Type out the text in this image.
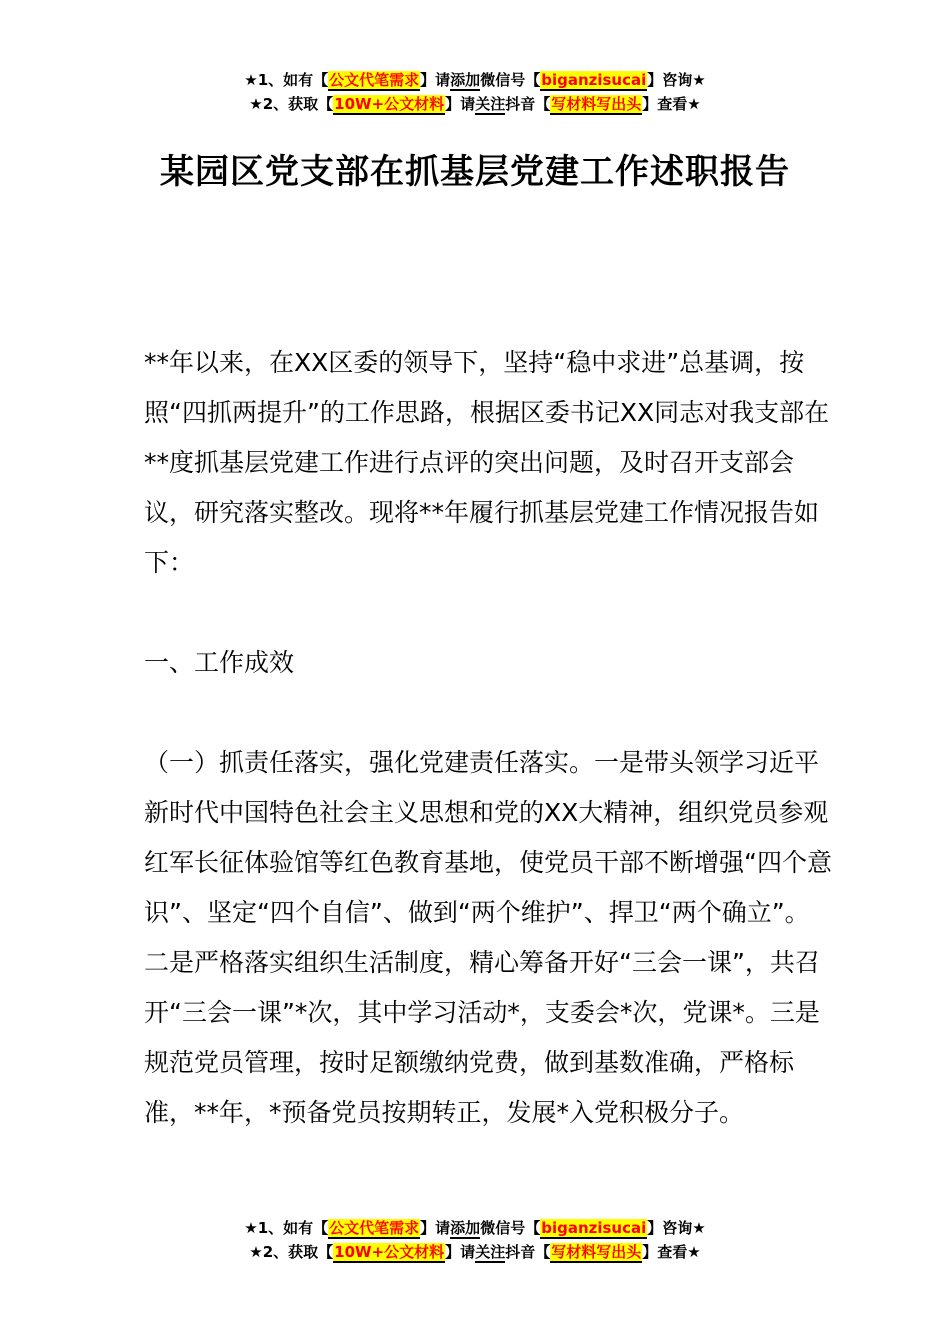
★1、如有【公文代笔需求】请添加微信号【biganzisucai】咨询★
★2、获取【10W+公文材料】请关注抖音【写材料写出头】查看★
某园区党支部在抓基层党建工作述职报告

**年以来，在XX区委的领导下，坚持“稳中求进”总基调，按照“四抓两提升”的工作思路，根据区委书记XX同志对我支部在**度抓基层党建工作进行点评的突出问题，及时召开支部会议，研究落实整改。现将**年履行抓基层党建工作情况报告如下：

一、工作成效

（一）抓责任落实，强化党建责任落实。一是带头领学习近平新时代中国特色社会主义思想和党的XX大精神，组织党员参观红军长征体验馆等红色教育基地，使党员干部不断增强“四个意识”、坚定“四个自信”、做到“两个维护”、捍卫“两个确立”。二是严格落实组织生活制度，精心筹备开好“三会一课”，共召开“三会一课”*次，其中学习活动*，支委会*次，党课*。三是规范党员管理，按时足额缴纳党费，做到基数准确，严格标准，**年，*预备党员按期转正，发展*入党积极分子。

★1、如有【公文代笔需求】请添加微信号【biganzisucai】咨询★
★2、获取【10W+公文材料】请关注抖音【写材料写出头】查看★
